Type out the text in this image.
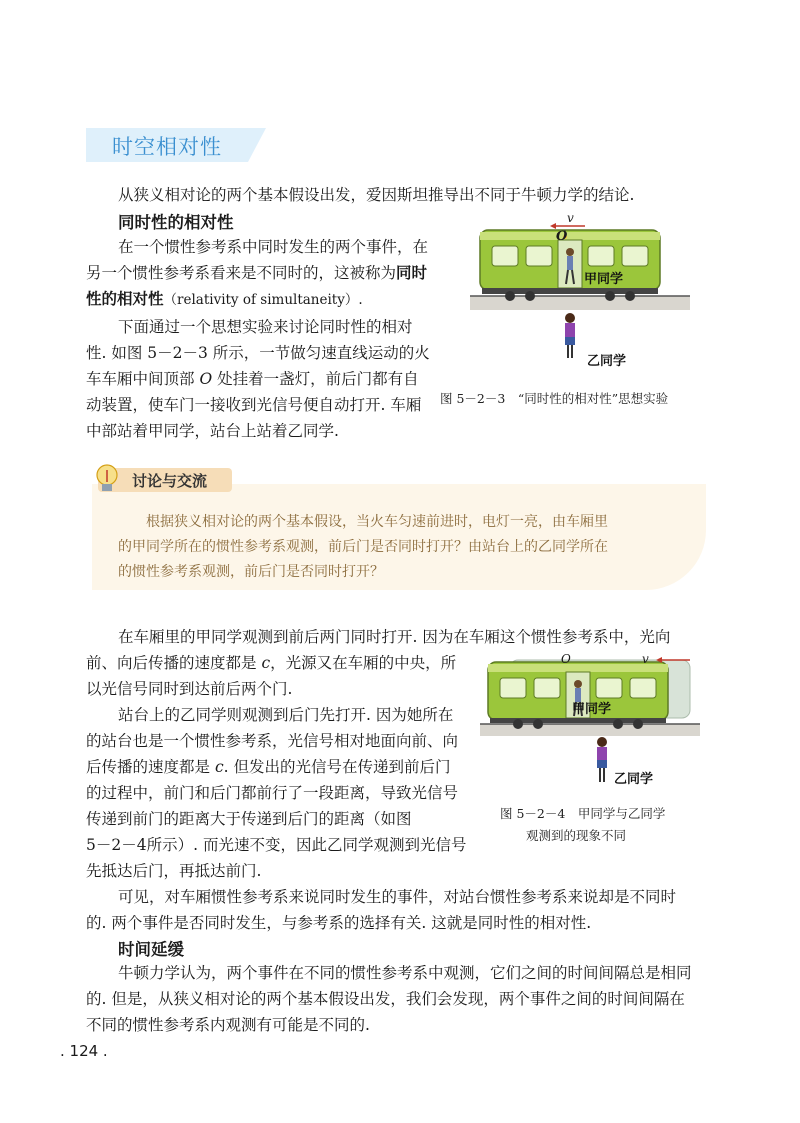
时空相对性
从狭义相对论的两个基本假设出发，爱因斯坦推导出不同于牛顿力学的结论.
同时性的相对性
在一个惯性参考系中同时发生的两个事件，在
另一个惯性参考系看来是不同时的，这被称为同时
性的相对性（relativity of simultaneity）.
下面通过一个思想实验来讨论同时性的相对
性. 如图 5－2－3 所示，一节做匀速直线运动的火
车车厢中间顶部 O 处挂着一盏灯，前后门都有自
动装置，使车门一接收到光信号便自动打开. 车厢
中部站着甲同学，站台上站着乙同学.
v
O
甲同学
乙同学
图 5－2－3　“同时性的相对性”思想实验
讨论与交流
根据狭义相对论的两个基本假设，当火车匀速前进时，电灯一亮，由车厢里
的甲同学所在的惯性参考系观测，前后门是否同时打开？由站台上的乙同学所在
的惯性参考系观测，前后门是否同时打开？
在车厢里的甲同学观测到前后两门同时打开. 因为在车厢这个惯性参考系中，光向
前、向后传播的速度都是 c，光源又在车厢的中央，所
以光信号同时到达前后两个门.
站台上的乙同学则观测到后门先打开. 因为她所在
的站台也是一个惯性参考系，光信号相对地面向前、向
后传播的速度都是 c. 但发出的光信号在传递到前后门
的过程中，前门和后门都前行了一段距离，导致光信号
传递到前门的距离大于传递到后门的距离（如图
5－2－4所示）. 而光速不变，因此乙同学观测到光信号
先抵达后门，再抵达前门.
v
O
甲同学
乙同学
图 5－2－4　甲同学与乙同学
观测到的现象不同
可见，对车厢惯性参考系来说同时发生的事件，对站台惯性参考系来说却是不同时
的. 两个事件是否同时发生，与参考系的选择有关. 这就是同时性的相对性.
时间延缓
牛顿力学认为，两个事件在不同的惯性参考系中观测，它们之间的时间间隔总是相同
的. 但是，从狭义相对论的两个基本假设出发，我们会发现，两个事件之间的时间间隔在
不同的惯性参考系内观测有可能是不同的.
. 124 .
